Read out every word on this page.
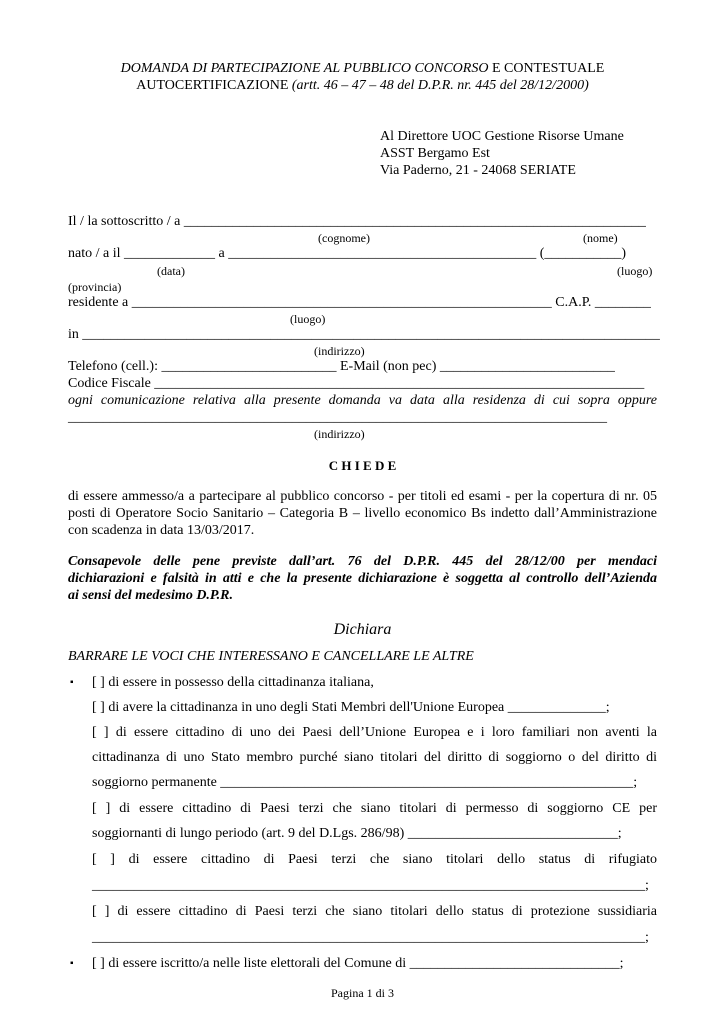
DOMANDA DI PARTECIPAZIONE AL PUBBLICO CONCORSO E CONTESTUALE
AUTOCERTIFICAZIONE (artt. 46 – 47 – 48 del D.P.R. nr. 445 del 28/12/2000)
Al Direttore UOC Gestione Risorse Umane
ASST Bergamo Est
Via Paderno, 21 - 24068 SERIATE
Il / la sottoscritto / a __________________________________________________________________
(cognome)	(nome)
nato / a il _____________ a ____________________________________________ (___________)
(data)	(luogo)
(provincia)
residente a ____________________________________________________________ C.A.P. ________
(luogo)
in ___________________________________________________________________________________
(indirizzo)
Telefono (cell.): _________________________ E-Mail (non pec) _________________________
Codice Fiscale ______________________________________________________________________
ogni comunicazione relativa alla presente domanda va data alla residenza di cui sopra oppure
_____________________________________________________________________________
(indirizzo)
C H I E D E
di essere ammesso/a a partecipare al pubblico concorso - per titoli ed esami - per la copertura di nr. 05
posti di Operatore Socio Sanitario – Categoria B – livello economico Bs indetto dall’Amministrazione
con scadenza in data 13/03/2017.
Consapevole delle pene previste dall’art. 76 del D.P.R. 445 del 28/12/00 per mendaci
dichiarazioni e falsità in atti e che la presente dichiarazione è soggetta al controllo dell’Azienda
ai sensi del medesimo D.P.R.
Dichiara
BARRARE LE VOCI CHE INTERESSANO E CANCELLARE LE ALTRE
▪ [ ] di essere in possesso della cittadinanza italiana,
[ ] di avere la cittadinanza in uno degli Stati Membri dell'Unione Europea ______________;
[ ] di essere cittadino di uno dei Paesi dell’Unione Europea e i loro familiari non aventi la
cittadinanza di uno Stato membro purché siano titolari del diritto di soggiorno o del diritto di
soggiorno permanente ___________________________________________________________;
[ ] di essere cittadino di Paesi terzi che siano titolari di permesso di soggiorno CE per
soggiornanti di lungo periodo (art. 9 del D.Lgs. 286/98) ______________________________;
[ ] di essere cittadino di Paesi terzi che siano titolari dello status di rifugiato
_______________________________________________________________________________;
[ ] di essere cittadino di Paesi terzi che siano titolari dello status di protezione sussidiaria
_______________________________________________________________________________;
▪ [ ] di essere iscritto/a nelle liste elettorali del Comune di ______________________________;
Pagina 1 di 3
